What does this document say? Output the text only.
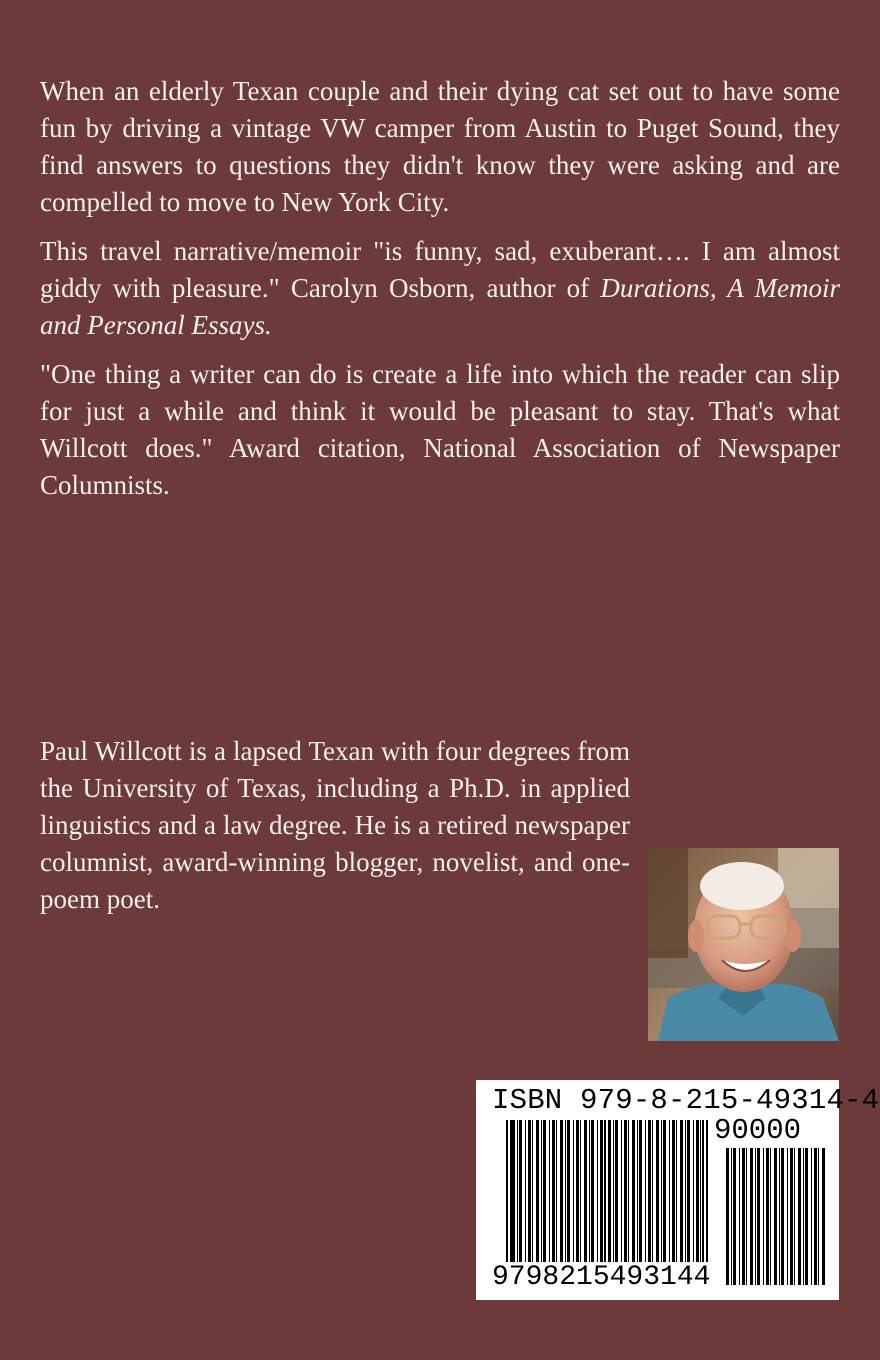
When an elderly Texan couple and their dying cat set out to have some fun by driving a vintage VW camper from Austin to Puget Sound, they find answers to questions they didn't know they were asking and are compelled to move to New York City.

This travel narrative/memoir "is funny, sad, exuberant…. I am almost giddy with pleasure." Carolyn Osborn, author of Durations, A Memoir and Personal Essays.

"One thing a writer can do is create a life into which the reader can slip for just a while and think it would be pleasant to stay. That's what Willcott does." Award citation, National Association of Newspaper Columnists.

Paul Willcott is a lapsed Texan with four degrees from the University of Texas, including a Ph.D. in applied linguistics and a law degree. He is a retired newspaper columnist, award-winning blogger, novelist, and one-poem poet.

ISBN 979-8-215-49314-4
90000
9798215493144
